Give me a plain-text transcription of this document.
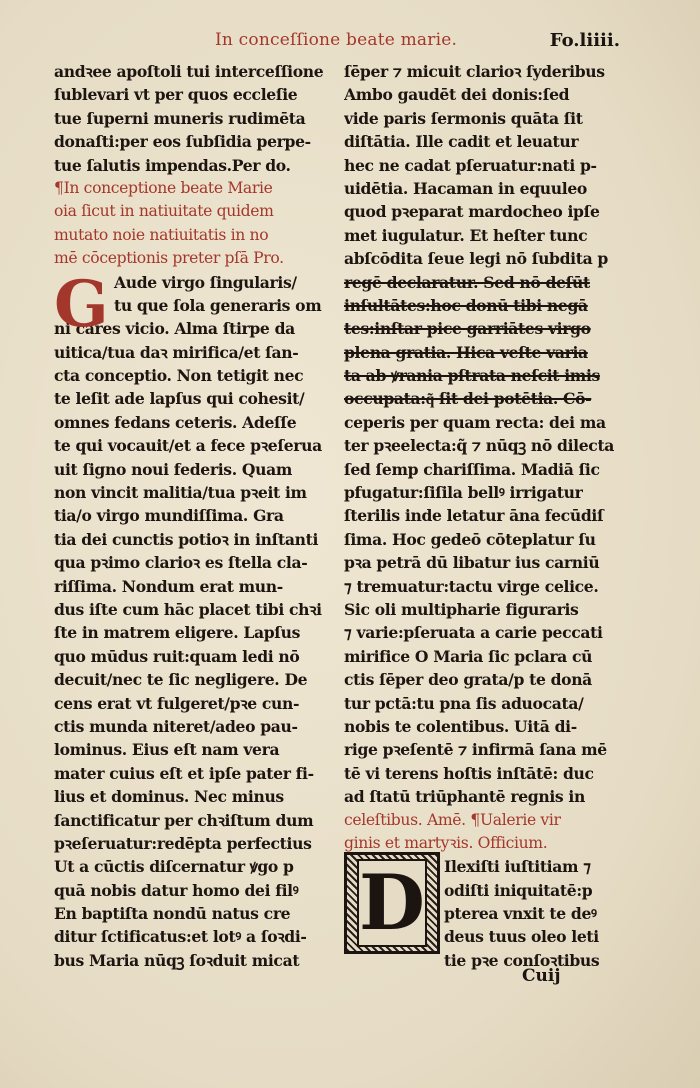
In conceſſione beate marie.	Fo.liiii.
andꝛee apoſtoli tui interceſſione
ſublevari vt per quos eccleſie
tue ſuperni muneris rudimēta
donaſti:per eos ſubſidia perpe‑
tue ſalutis impendas.Per do.
¶In conceptione beate Marie
oia ſicut in natiuitate quidem
mutato noie natiuitatis in no
mē cōceptionis preter pſā Pro.
Aude virgo ſingularis/
tu que ſola generaris om
ni cares vicio. Alma ſtirpe da
uitica/tua daꝛ mirifica/et ſan‑
cta conceptio. Non tetigit nec
te leſit ade lapſus qui cohesit/
omnes fedans ceteris. Adeſſe
te qui vocauit/et a fece pꝛeſerua
uit ſigno noui federis. Quam
non vincit malitia/tua pꝛeit im
tia/o virgo mundiſſima. Gra
tia dei cunctis potioꝛ in inſtanti
qua pꝛimo clarioꝛ es ſtella cla‑
riſſima. Nondum erat mun‑
dus iſte cum hāc placet tibi chꝛi
ſte in matrem eligere. Lapſus
quo mūdus ruit:quam ledi nō
decuit/nec te ſic negligere. De
cens erat vt fulgeret/pꝛe cun‑
ctis munda niteret/adeo pau‑
lominus. Eius eſt nam vera
mater cuius eſt et ipſe pater fi‑
lius et dominus. Nec minus
ſanctificatur per chꝛiſtum dum
pꝛeſeruatur:redēpta perfectius
Ut a cūctis diſcernatur ꝟgo p
quā nobis datur homo dei filꝰ
En baptiſta nondū natus cre
ditur ſctificatus:et lotꝰ a ſoꝛdi‑
bus Maria nūqꝫ ſoꝛduit micat
G
ſēper ⁊ micuit clarioꝛ ſyderibus
Ambo gaudēt dei donis:ſed
vide paris ſermonis quāta ſit
diſtātia. Ille cadit et leuatur
hec ne cadat pſeruatur:nati p‑
uidētia. Hacaman in equuleo
quod pꝛeparat mardocheo ipſe
met iugulatur. Et heſter tunc
abſcōdita ſeue legi nō ſubdita p
regē declaratur. Sed nō deſūt
inſultātes:hoc donū tibi negā
tes:inſtar pice garriātes virgo
plena gratia. Hica veſte varia
ta ab ꝟrania pſtrata neſcit imis
occupata:q͂ ſit dei potētia. Cō‑
ceperis per quam recta: dei ma
ter pꝛeelecta:q̃ ⁊ nūqꝫ nō dilecta
ſed ſemp chariſſima. Madiā ſic
pfugatur:ſiſila bellꝰ irrigatur
ſterilis inde letatur āna fecūdiſ
ſima. Hoc gedeō cōteplatur ſu
pꝛa petrā dū libatur ius carniū
⁊ tremuatur:tactu virge celice.
Sic oli multipharie figuraris
⁊ varie:pſeruata a carie peccati
mirifice O Maria ſic pclara cū
ctis ſēper deo grata/p te donā
tur pctā:tu pna ſis aduocata/
nobis te colentibus. Uitā di‑
rige pꝛeſentē ⁊ infirmā ſana mē
tē vi terens hoſtis inſtātē: duc
ad ſtatū triūphantē regnis in
celeſtibus. Amē. ¶Ualerie vir
ginis et martyꝛis. Officium.
Ilexiſti iuſtitiam ⁊
odiſti iniquitatē:p
pterea vnxit te deꝰ
deus tuus oleo leti
tie pꝛe conſoꝛtibus
D
Cuij
